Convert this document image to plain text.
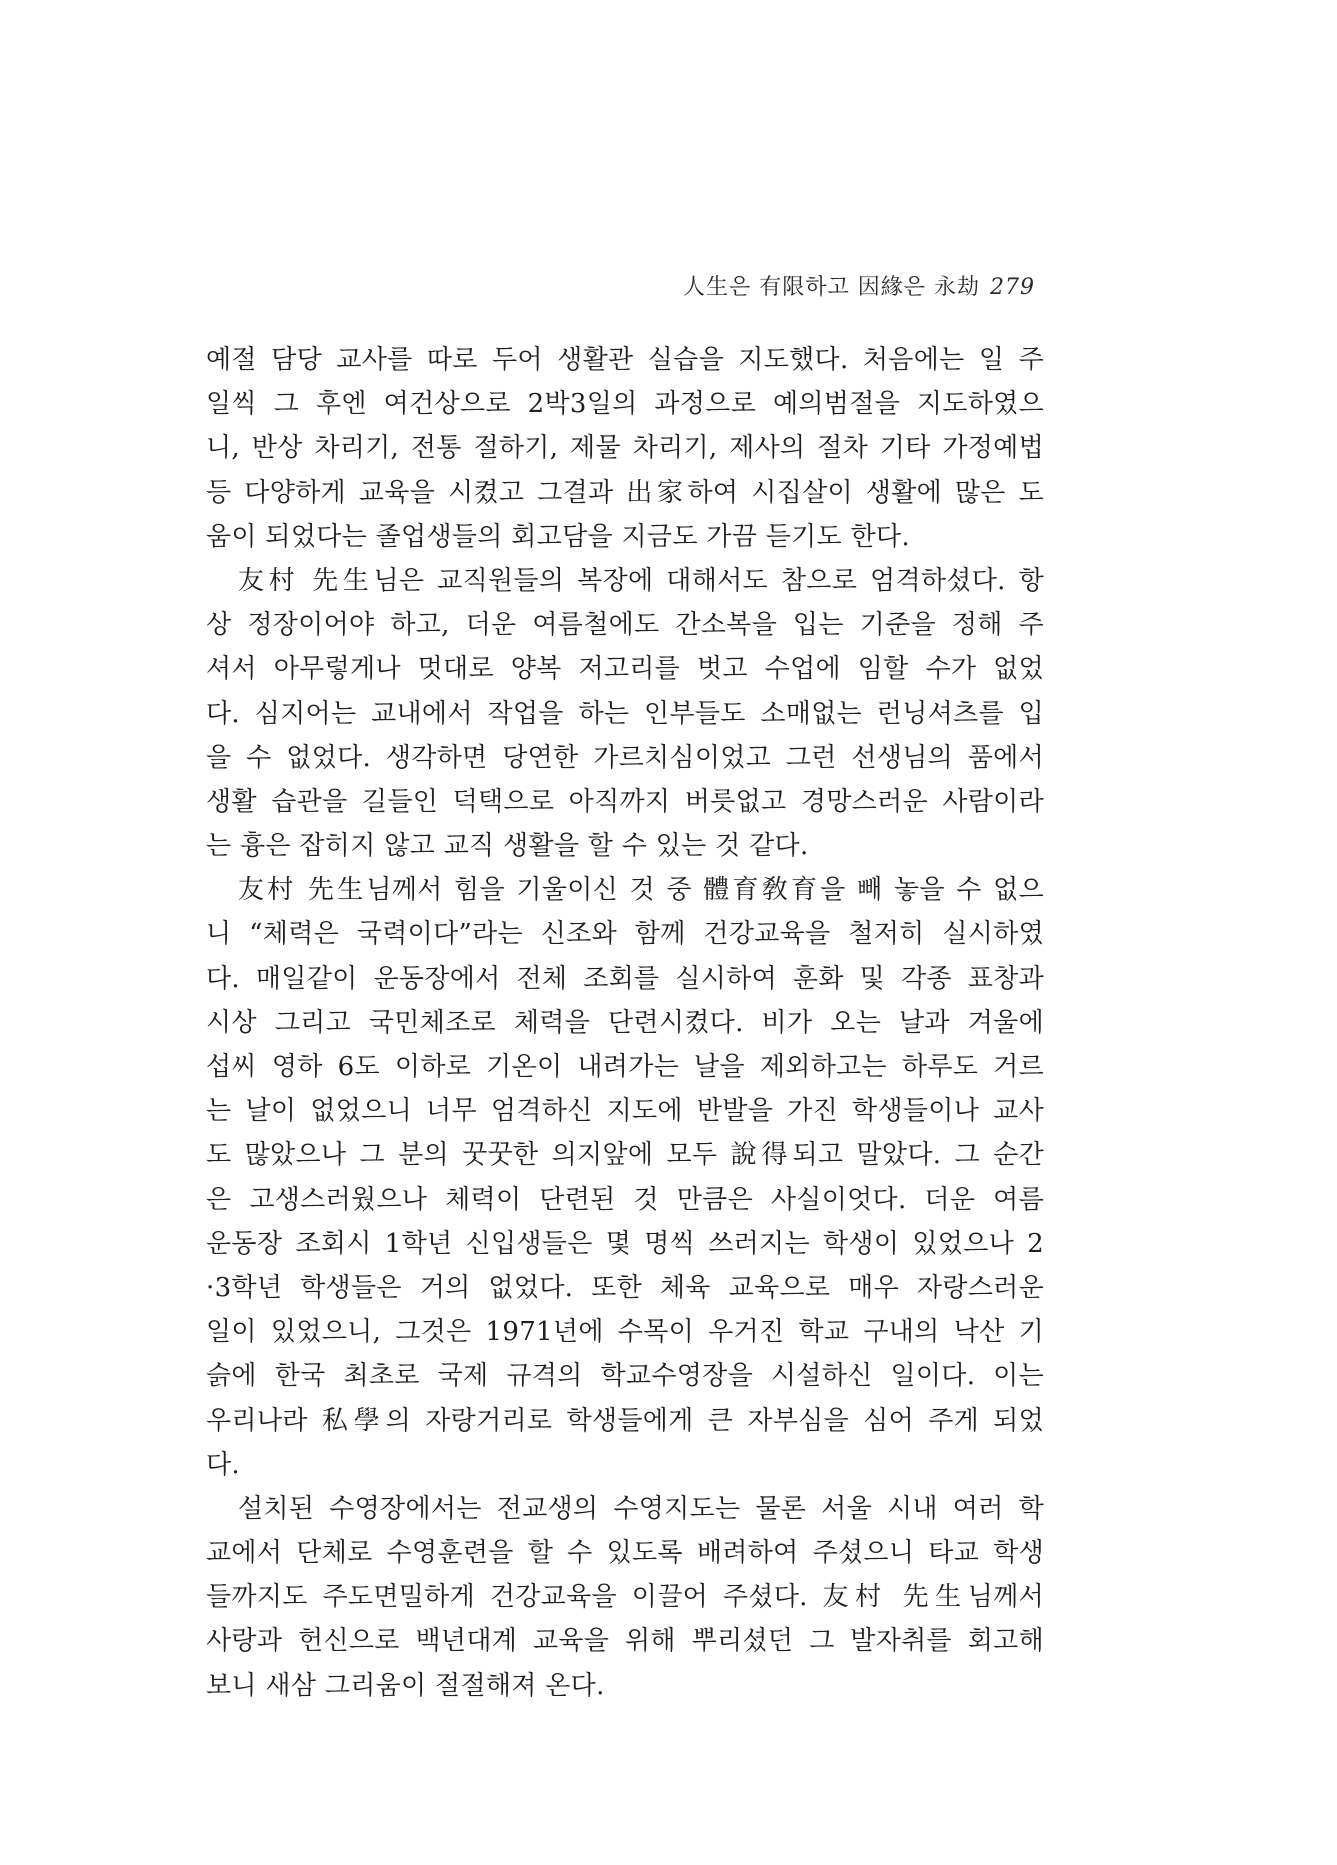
人生은 有限하고 因緣은 永劫 279
예절 담당 교사를 따로 두어 생활관 실습을 지도했다. 처음에는 일 주
일씩 그 후엔 여건상으로 2박3일의 과정으로 예의범절을 지도하였으
니, 반상 차리기, 전통 절하기, 제물 차리기, 제사의 절차 기타 가정예법
등 다양하게 교육을 시켰고 그결과 出家하여 시집살이 생활에 많은 도
움이 되었다는 졸업생들의 회고담을 지금도 가끔 듣기도 한다.
友村 先生님은 교직원들의 복장에 대해서도 참으로 엄격하셨다. 항
상 정장이어야 하고, 더운 여름철에도 간소복을 입는 기준을 정해 주
셔서 아무렇게나 멋대로 양복 저고리를 벗고 수업에 임할 수가 없었
다. 심지어는 교내에서 작업을 하는 인부들도 소매없는 런닝셔츠를 입
을 수 없었다. 생각하면 당연한 가르치심이었고 그런 선생님의 품에서
생활 습관을 길들인 덕택으로 아직까지 버릇없고 경망스러운 사람이라
는 흉은 잡히지 않고 교직 생활을 할 수 있는 것 같다.
友村 先生님께서 힘을 기울이신 것 중 體育敎育을 빼 놓을 수 없으
니 “체력은 국력이다”라는 신조와 함께 건강교육을 철저히 실시하였
다. 매일같이 운동장에서 전체 조회를 실시하여 훈화 및 각종 표창과
시상 그리고 국민체조로 체력을 단련시켰다. 비가 오는 날과 겨울에
섭씨 영하 6도 이하로 기온이 내려가는 날을 제외하고는 하루도 거르
는 날이 없었으니 너무 엄격하신 지도에 반발을 가진 학생들이나 교사
도 많았으나 그 분의 꿋꿋한 의지앞에 모두 說得되고 말았다. 그 순간
은 고생스러웠으나 체력이 단련된 것 만큼은 사실이엇다. 더운 여름
운동장 조회시 1학년 신입생들은 몇 명씩 쓰러지는 학생이 있었으나 2
·3학년 학생들은 거의 없었다. 또한 체육 교육으로 매우 자랑스러운
일이 있었으니, 그것은 1971년에 수목이 우거진 학교 구내의 낙산 기
슭에 한국 최초로 국제 규격의 학교수영장을 시설하신 일이다. 이는
우리나라 私學의 자랑거리로 학생들에게 큰 자부심을 심어 주게 되었
다.
설치된 수영장에서는 전교생의 수영지도는 물론 서울 시내 여러 학
교에서 단체로 수영훈련을 할 수 있도록 배려하여 주셨으니 타교 학생
들까지도 주도면밀하게 건강교육을 이끌어 주셨다. 友村 先生님께서
사랑과 헌신으로 백년대계 교육을 위해 뿌리셨던 그 발자취를 회고해
보니 새삼 그리움이 절절해져 온다.
